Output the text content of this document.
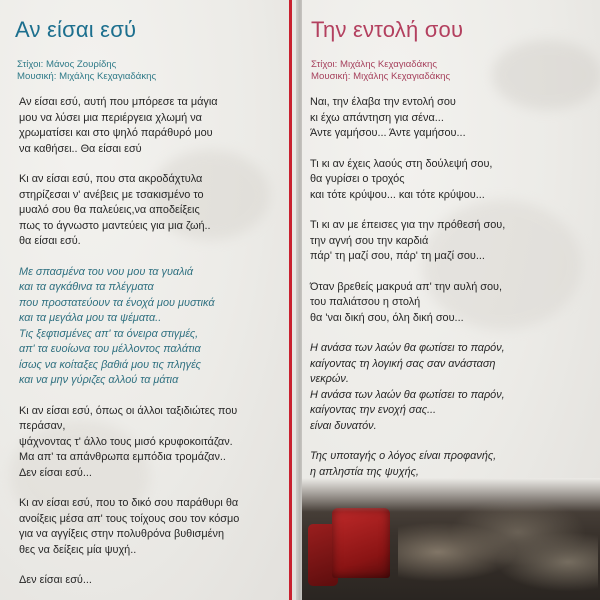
Αν είσαι εσύ
Στίχοι: Μάνος Ζουρίδης
Μουσική: Μιχάλης Κεχαγιαδάκης
Αν είσαι εσύ, αυτή που μπόρεσε τα μάγια
μου να λύσει μια περιέργεια χλωμή να
χρωματίσει και στο ψηλό παράθυρό μου
να καθήσει.. Θα είσαι εσύ
Κι αν είσαι εσύ, που στα ακροδάχτυλα
στηρίζεσαι ν' ανέβεις με τσακισμένο το
μυαλό σου θα παλεύεις,να αποδείξεις
πως το άγνωστο μαντεύεις για μια ζωή..
θα είσαι εσύ.
Με σπασμένα του νου μου τα γυαλιά
και τα αγκάθινα τα πλέγματα
που προστατεύουν τα ένοχά μου μυστικά
και τα μεγάλα μου τα ψέματα..
Τις ξεφτισμένες απ' τα όνειρα στιγμές,
απ' τα ευοίωνα του μέλλοντος παλάτια
ίσως να κοίταξες βαθιά μου τις πληγές
και να μην γύριζες αλλού τα μάτια
Κι αν είσαι εσύ, όπως οι άλλοι ταξιδιώτες που
περάσαν,
ψάχνοντας τ' άλλο τους μισό κρυφοκοιτάζαν.
Μα απ' τα απάνθρωπα εμπόδια τρομάζαν..
Δεν είσαι εσύ...
Κι αν είσαι εσύ, που το δικό σου παράθυρι θα
ανοίξεις μέσα απ' τους τοίχους σου τον κόσμο
για να αγγίξεις στην πολυθρόνα βυθισμένη
θες να δείξεις μία ψυχή..
Δεν είσαι εσύ...
Την εντολή σου
Στίχοι: Μιχάλης Κεχαγιαδάκης
Μουσική: Μιχάλης Κεχαγιαδάκης
Ναι, την έλαβα την εντολή σου
κι έχω απάντηση για σένα...
Άντε γαμήσου... Άντε γαμήσου...
Τι κι αν έχεις λαούς στη δούλεψή σου,
θα γυρίσει ο τροχός
και τότε κρύψου... και τότε κρύψου...
Τι κι αν με έπεισες για την πρόθεσή σου,
την αγνή σου την καρδιά
πάρ' τη μαζί σου, πάρ' τη μαζί σου...
Όταν βρεθείς μακρυά απ' την αυλή σου,
του παλιάτσου η στολή
θα 'ναι δική σου, όλη δική σου...
Η ανάσα των λαών θα φωτίσει το παρόν,
καίγοντας τη λογική σας σαν ανάσταση
νεκρών.
Η ανάσα των λαών θα φωτίσει το παρόν,
καίγοντας την ενοχή σας...
είναι δυνατόν.
Της υποταγής ο λόγος είναι προφανής,
η απληστία της ψυχής,
